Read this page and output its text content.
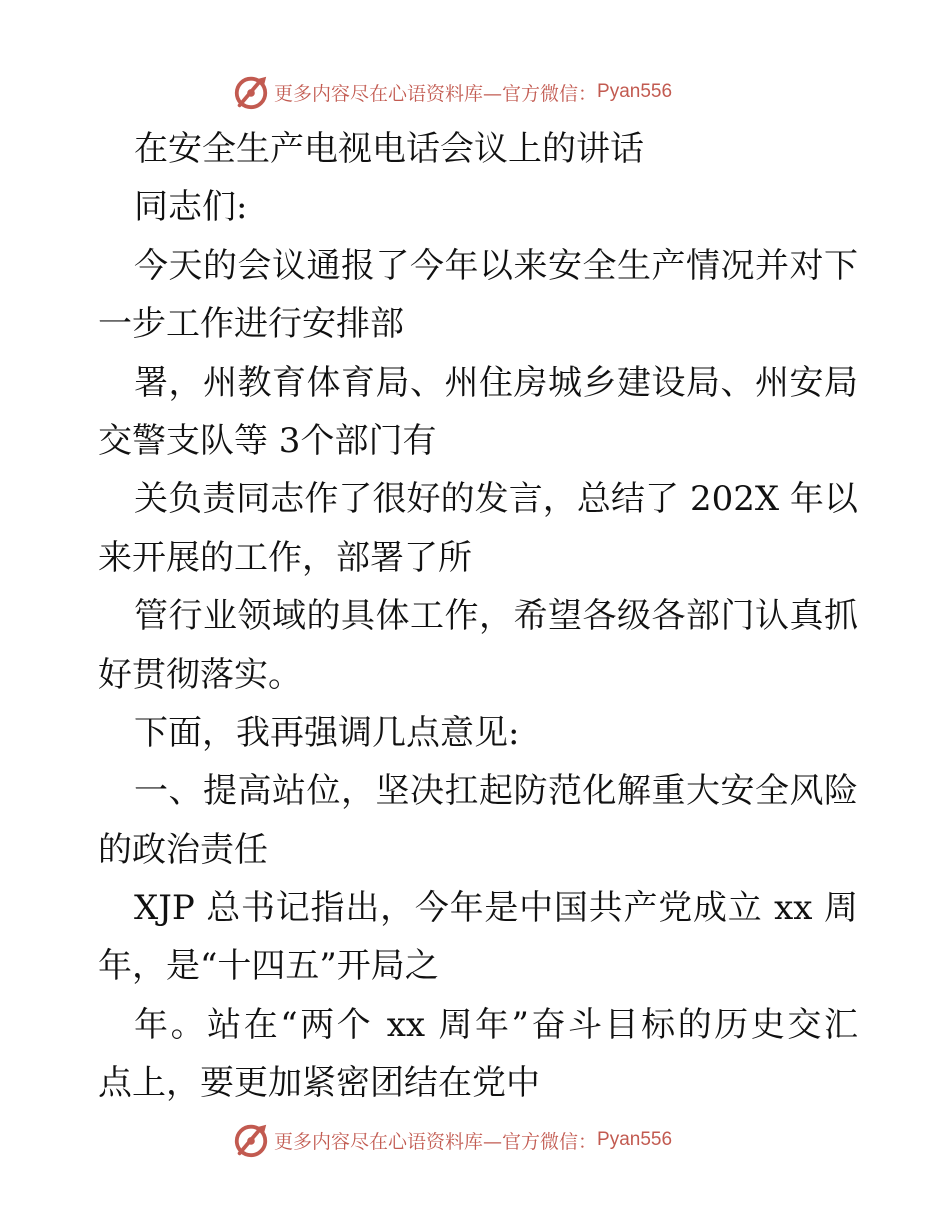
更多内容尽在心语资料库—官方微信： Pyan556
在安全生产电视电话会议上的讲话
同志们:
今天的会议通报了今年以来安全生产情况并对下
一步工作进行安排部
署，州教育体育局、州住房城乡建设局、州安局
交警支队等 3个部门有
关负责同志作了很好的发言，总结了 202X 年以
来开展的工作，部署了所
管行业领域的具体工作，希望各级各部门认真抓
好贯彻落实。
下面，我再强调几点意见:
一、提高站位，坚决扛起防范化解重大安全风险
的政治责任
XJP 总书记指出，今年是中国共产党成立 xx 周
年，是“十四五”开局之
年。站在“两个 xx 周年”奋斗目标的历史交汇
点上，要更加紧密团结在党中
更多内容尽在心语资料库—官方微信： Pyan556
